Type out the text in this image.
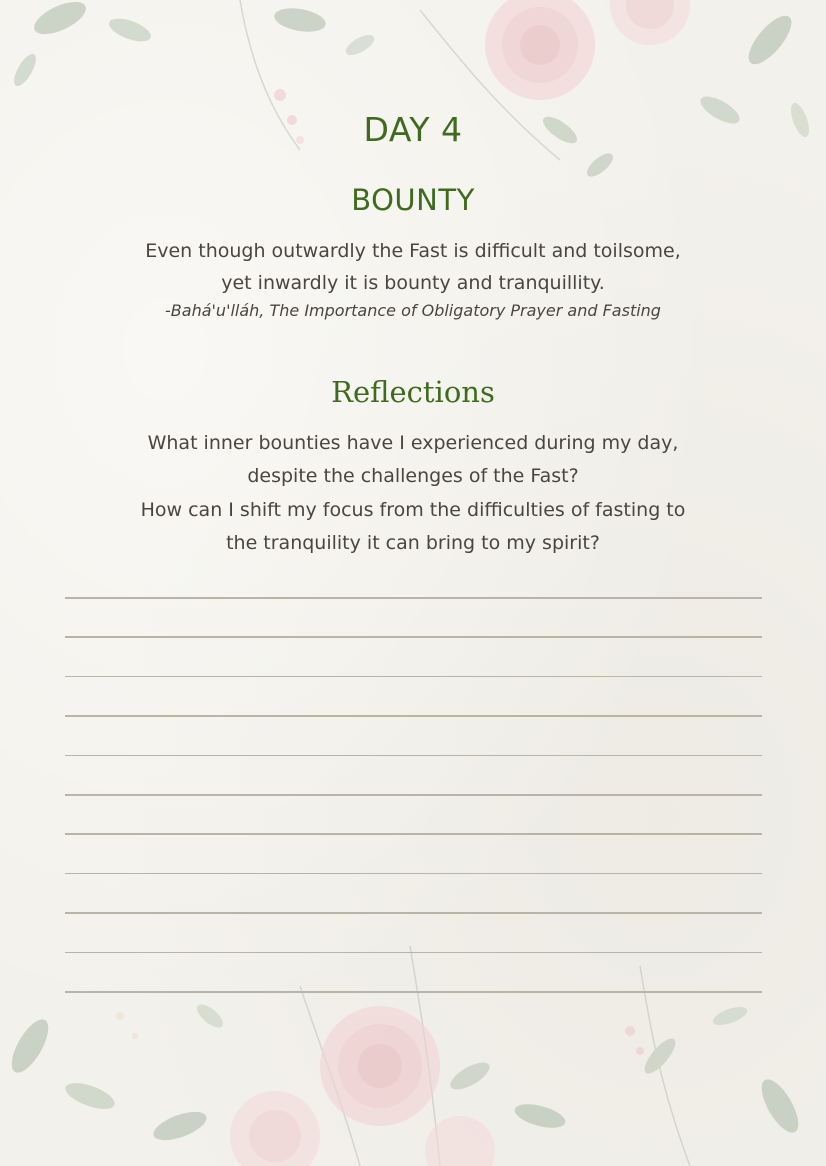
DAY 4
BOUNTY
Even though outwardly the Fast is difficult and toilsome,
yet inwardly it is bounty and tranquillity.
-Bahá'u'lláh, The Importance of Obligatory Prayer and Fasting
Reflections
What inner bounties have I experienced during my day,
despite the challenges of the Fast?
How can I shift my focus from the difficulties of fasting to
the tranquility it can bring to my spirit?
